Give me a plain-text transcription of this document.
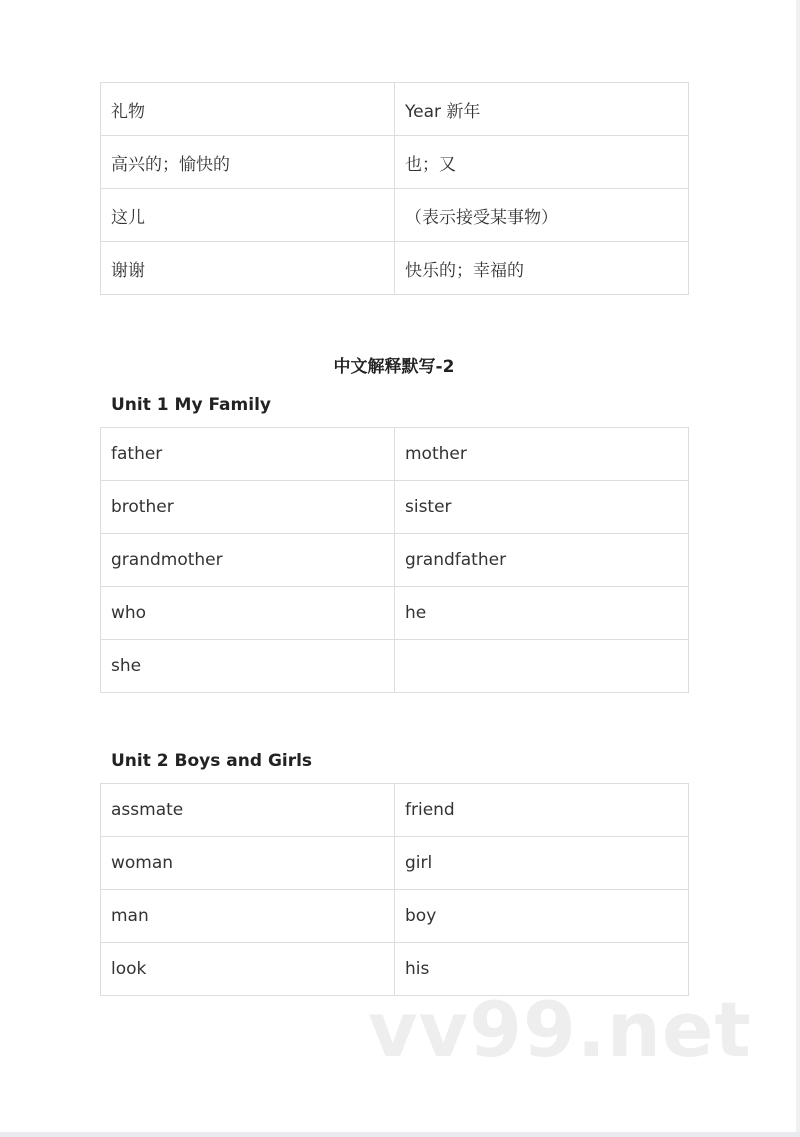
礼物	Year 新年
高兴的；愉快的	也；又
这儿	（表示接受某事物）
谢谢	快乐的；幸福的
中文解释默写-2
Unit 1 My Family
father	mother
brother	sister
grandmother	grandfather
who	he
she	
Unit 2 Boys and Girls
assmate	friend
woman	girl
man	boy
look	his
vv99.net
